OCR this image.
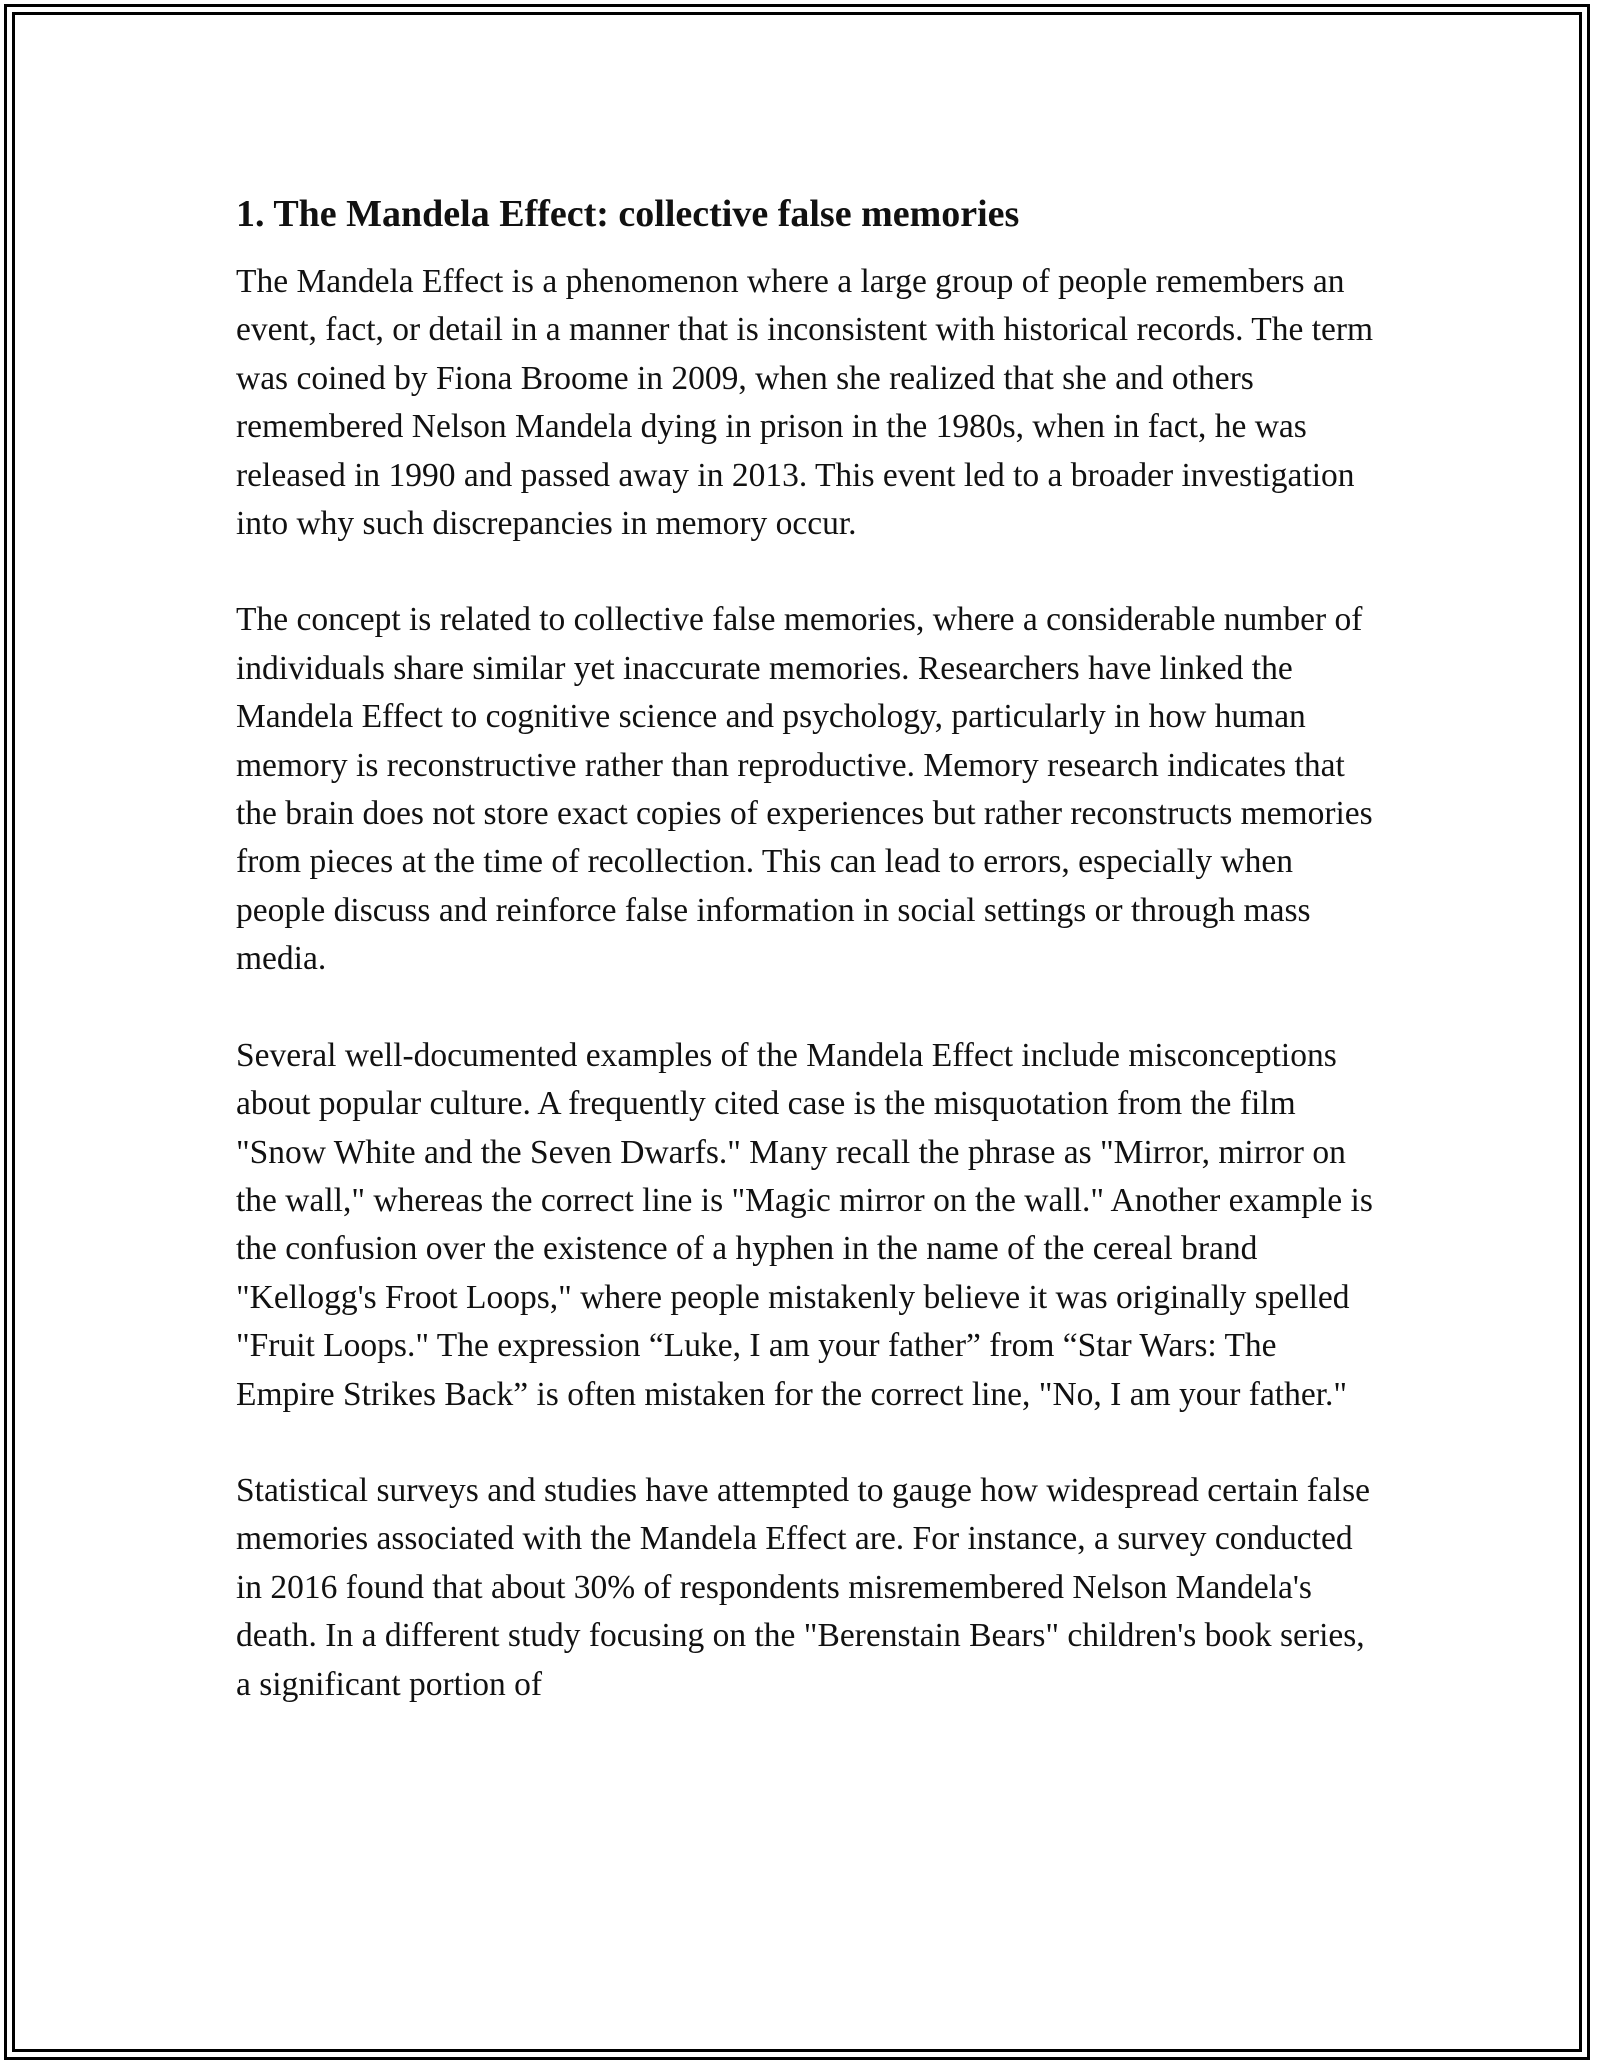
1. The Mandela Effect: collective false memories

The Mandela Effect is a phenomenon where a large group of people remembers an event, fact, or detail in a manner that is inconsistent with historical records. The term was coined by Fiona Broome in 2009, when she realized that she and others remembered Nelson Mandela dying in prison in the 1980s, when in fact, he was released in 1990 and passed away in 2013. This event led to a broader investigation into why such discrepancies in memory occur.

The concept is related to collective false memories, where a considerable number of individuals share similar yet inaccurate memories. Researchers have linked the Mandela Effect to cognitive science and psychology, particularly in how human memory is reconstructive rather than reproductive. Memory research indicates that the brain does not store exact copies of experiences but rather reconstructs memories from pieces at the time of recollection. This can lead to errors, especially when people discuss and reinforce false information in social settings or through mass media.

Several well-documented examples of the Mandela Effect include misconceptions about popular culture. A frequently cited case is the misquotation from the film "Snow White and the Seven Dwarfs." Many recall the phrase as "Mirror, mirror on the wall," whereas the correct line is "Magic mirror on the wall." Another example is the confusion over the existence of a hyphen in the name of the cereal brand "Kellogg's Froot Loops," where people mistakenly believe it was originally spelled "Fruit Loops." The expression “Luke, I am your father” from “Star Wars: The Empire Strikes Back” is often mistaken for the correct line, "No, I am your father."

Statistical surveys and studies have attempted to gauge how widespread certain false memories associated with the Mandela Effect are. For instance, a survey conducted in 2016 found that about 30% of respondents misremembered Nelson Mandela's death. In a different study focusing on the "Berenstain Bears" children's book series, a significant portion of
